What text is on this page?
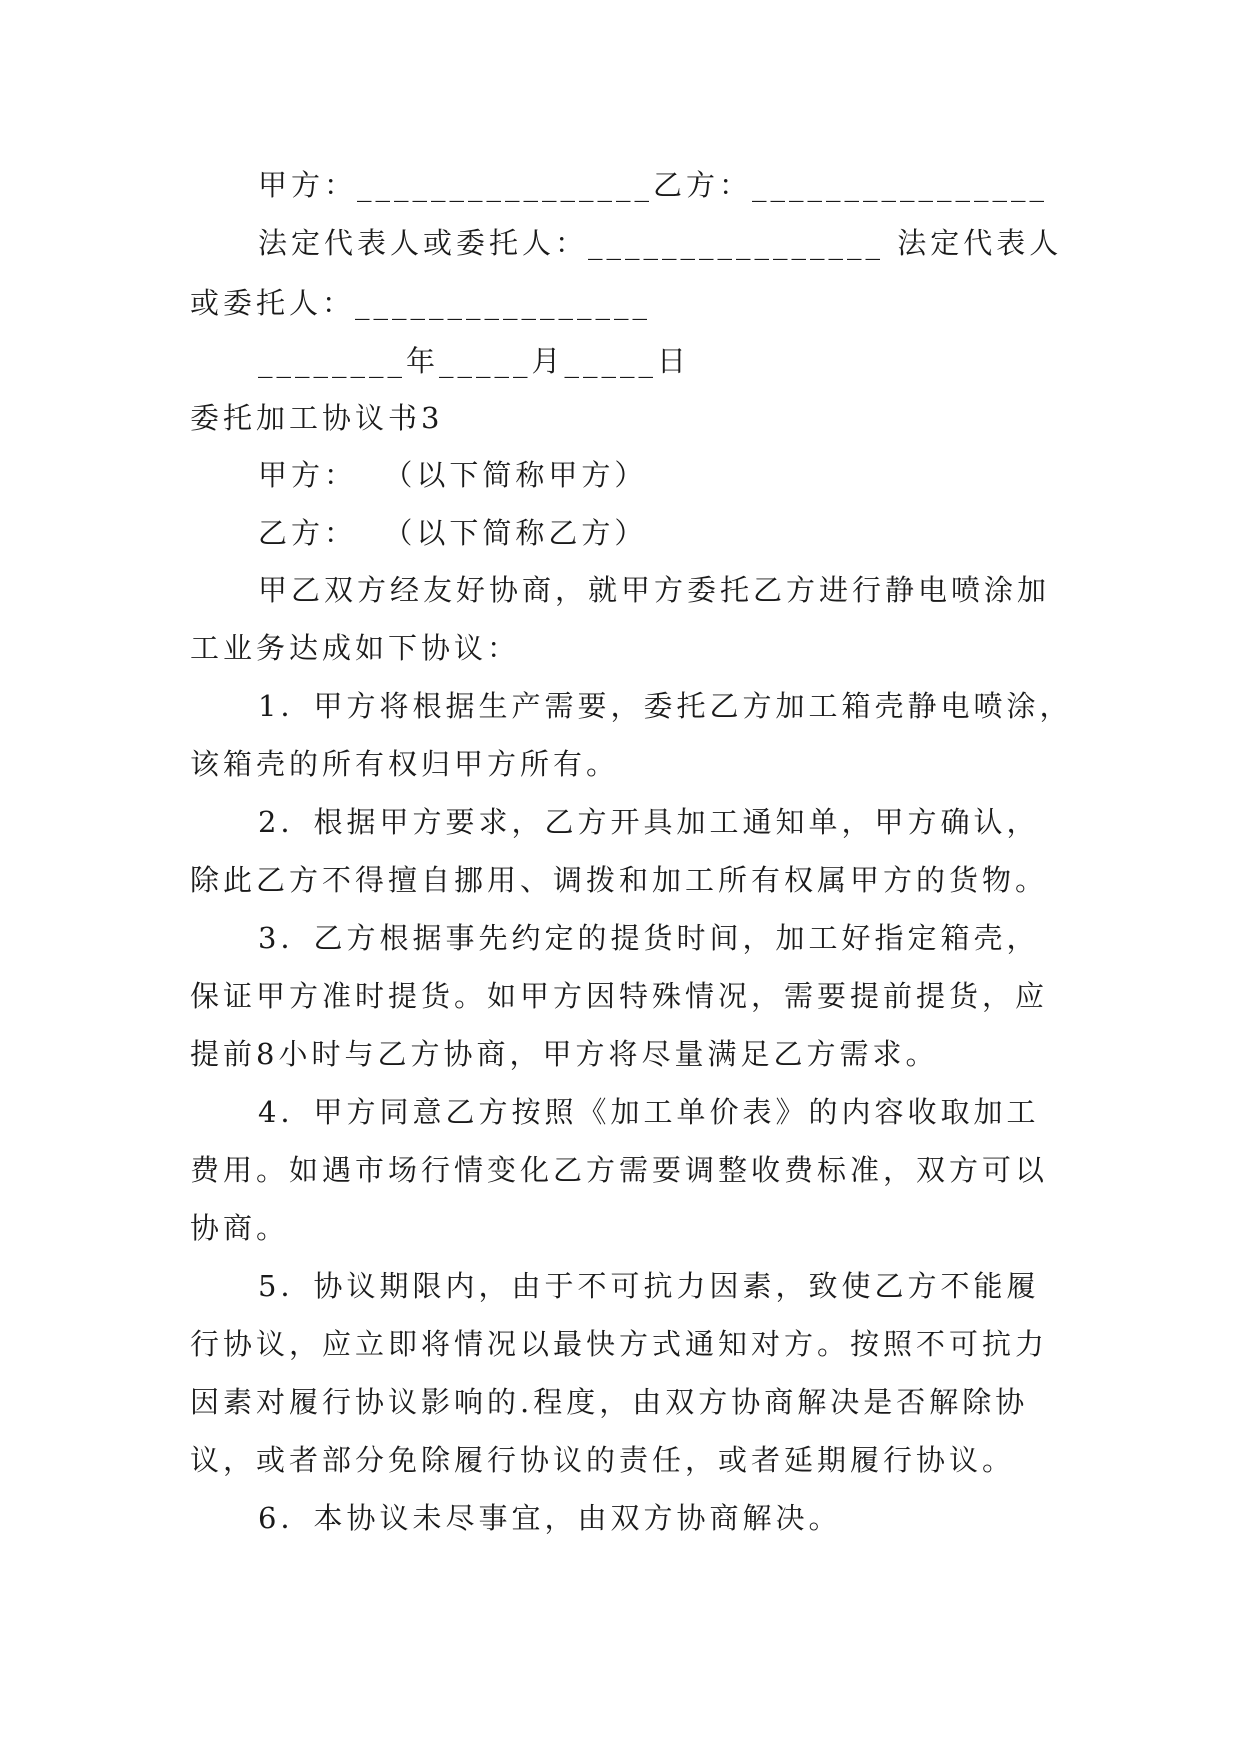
甲方：________________乙方：________________

法定代表人或委托人：________________ 法定代表人

或委托人：________________

________年_____月_____日

委托加工协议书3

甲方：  （以下简称甲方）

乙方：  （以下简称乙方）

甲乙双方经友好协商，就甲方委托乙方进行静电喷涂加

工业务达成如下协议：

1．甲方将根据生产需要，委托乙方加工箱壳静电喷涂，

该箱壳的所有权归甲方所有。

2．根据甲方要求，乙方开具加工通知单，甲方确认，

除此乙方不得擅自挪用、调拨和加工所有权属甲方的货物。

3．乙方根据事先约定的提货时间，加工好指定箱壳，

保证甲方准时提货。如甲方因特殊情况，需要提前提货，应

提前8小时与乙方协商，甲方将尽量满足乙方需求。

4．甲方同意乙方按照《加工单价表》的内容收取加工

费用。如遇市场行情变化乙方需要调整收费标准，双方可以

协商。

5．协议期限内，由于不可抗力因素，致使乙方不能履

行协议，应立即将情况以最快方式通知对方。按照不可抗力

因素对履行协议影响的.程度，由双方协商解决是否解除协

议，或者部分免除履行协议的责任，或者延期履行协议。

6．本协议未尽事宜，由双方协商解决。
